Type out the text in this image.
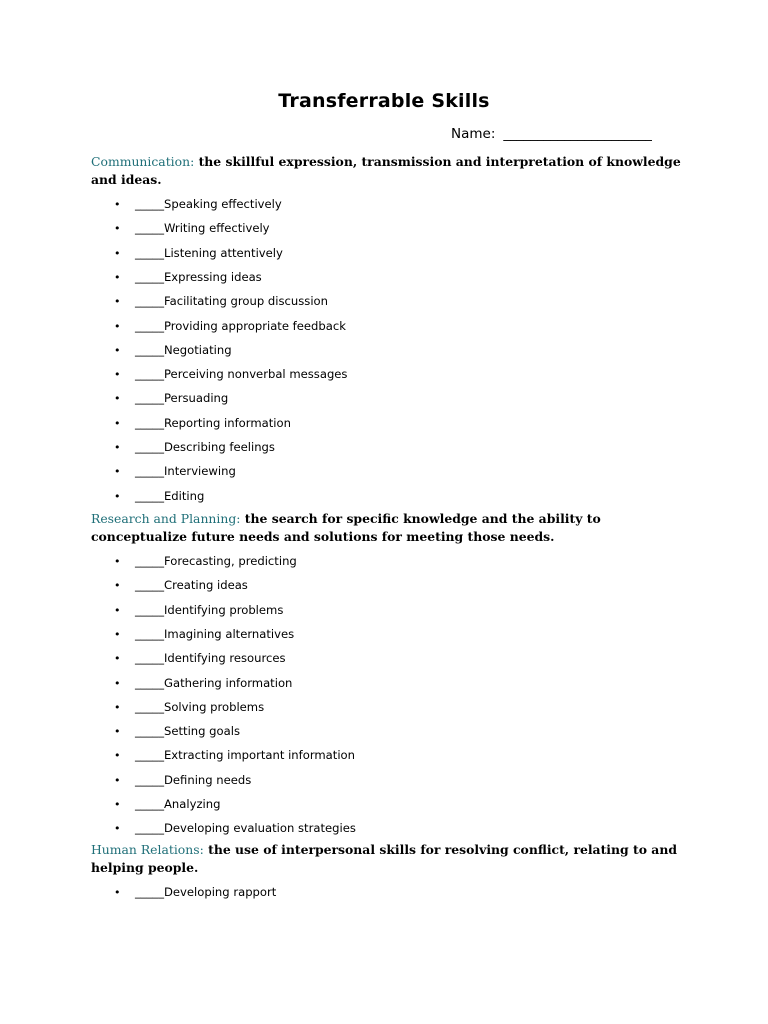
Transferrable Skills
Name: ______________________
Communication: the skillful expression, transmission and interpretation of knowledge and ideas.
• _____Speaking effectively
• _____Writing effectively
• _____Listening attentively
• _____Expressing ideas
• _____Facilitating group discussion
• _____Providing appropriate feedback
• _____Negotiating
• _____Perceiving nonverbal messages
• _____Persuading
• _____Reporting information
• _____Describing feelings
• _____Interviewing
• _____Editing
Research and Planning: the search for specific knowledge and the ability to conceptualize future needs and solutions for meeting those needs.
• _____Forecasting, predicting
• _____Creating ideas
• _____Identifying problems
• _____Imagining alternatives
• _____Identifying resources
• _____Gathering information
• _____Solving problems
• _____Setting goals
• _____Extracting important information
• _____Defining needs
• _____Analyzing
• _____Developing evaluation strategies
Human Relations: the use of interpersonal skills for resolving conflict, relating to and helping people.
• _____Developing rapport
